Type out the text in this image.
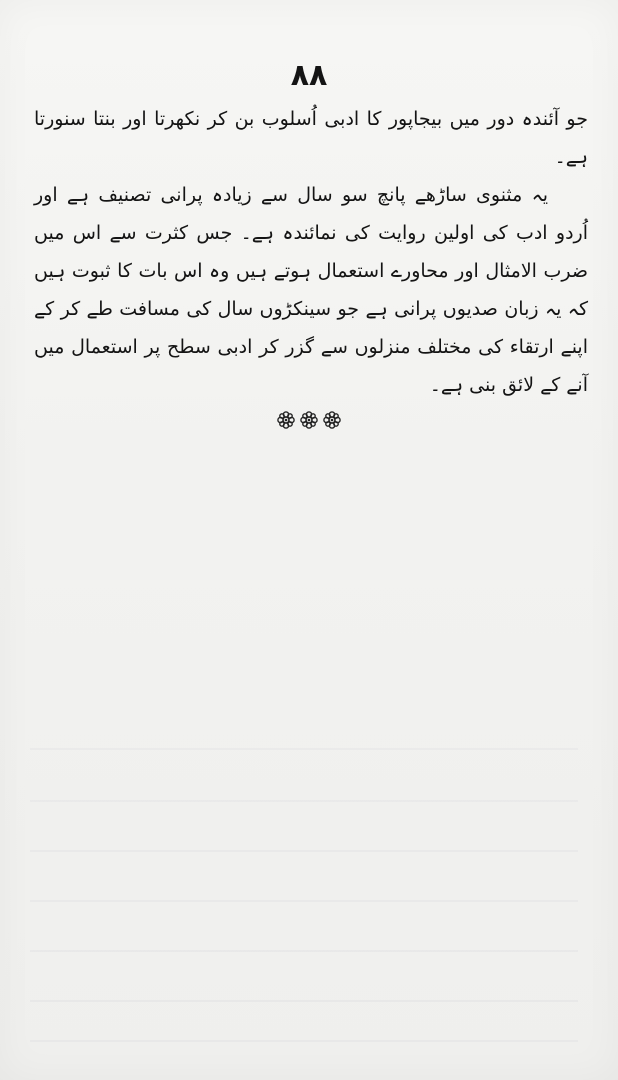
۸۸

جو آئندہ دور میں بیجاپور کا ادبی اُسلوب بن کر نکھرتا اور بنتا سنورتا ہے۔

یہ مثنوی ساڑھے پانچ سو سال سے زیادہ پرانی تصنیف ہے اور اُردو ادب کی اولین روایت کی نمائندہ ہے۔ جس کثرت سے اس میں ضرب الامثال اور محاورے استعمال ہوتے ہیں وہ اس بات کا ثبوت ہیں کہ یہ زبان صدیوں پرانی ہے جو سینکڑوں سال کی مسافت طے کر کے اپنے ارتقاء کی مختلف منزلوں سے گزر کر ادبی سطح پر استعمال میں آنے کے لائق بنی ہے۔
